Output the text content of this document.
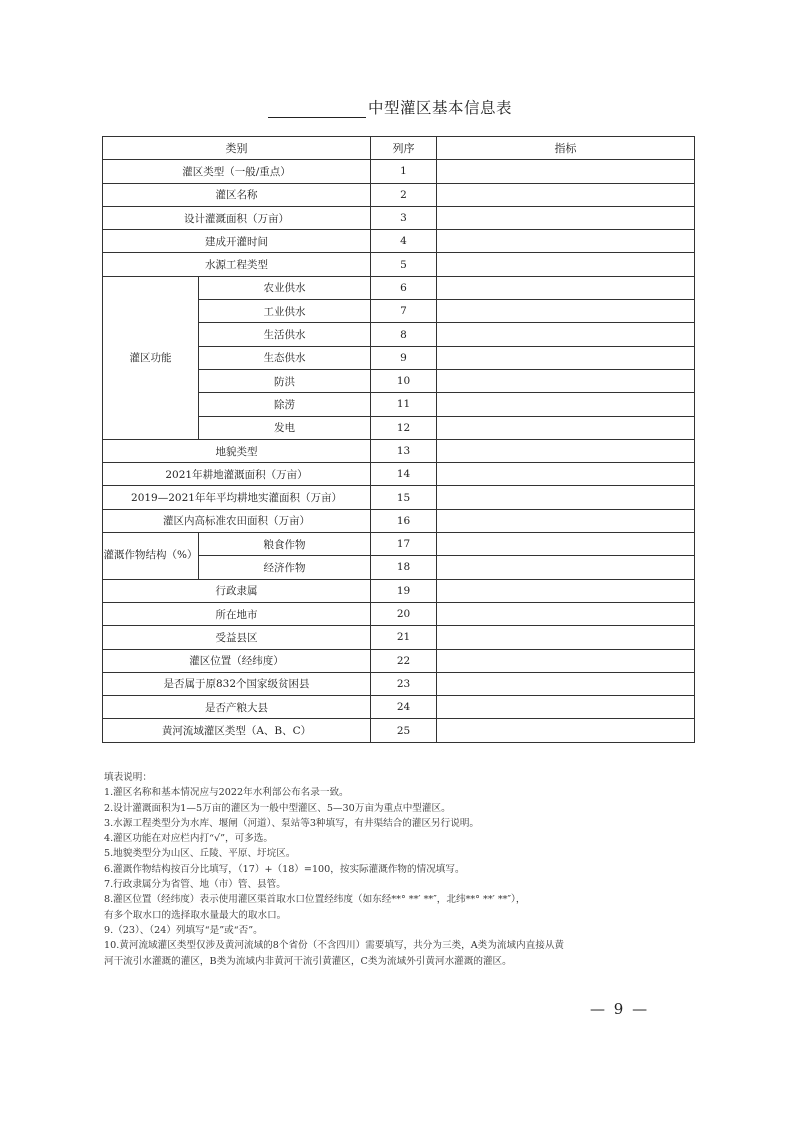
中型灌区基本信息表
类别		列序	指标
灌区类型（一般/重点）		1	
灌区名称		2	
设计灌溉面积（万亩）		3	
建成开灌时间		4	
水源工程类型		5	
灌区功能	农业供水	6	
	工业供水	7	
	生活供水	8	
	生态供水	9	
	防洪	10	
	除涝	11	
	发电	12	
地貌类型		13	
2021年耕地灌溉面积（万亩）		14	
2019—2021年年平均耕地实灌面积（万亩）		15	
灌区内高标准农田面积（万亩）		16	
灌溉作物结构（%）	粮食作物	17	
	经济作物	18	
行政隶属		19	
所在地市		20	
受益县区		21	
灌区位置（经纬度）		22	
是否属于原832个国家级贫困县		23	
是否产粮大县		24	
黄河流域灌区类型（A、B、C）		25	
填表说明：
1.灌区名称和基本情况应与2022年水利部公布名录一致。
2.设计灌溉面积为1—5万亩的灌区为一般中型灌区、5—30万亩为重点中型灌区。
3.水源工程类型分为水库、堰闸（河道）、泵站等3种填写，有井渠结合的灌区另行说明。
4.灌区功能在对应栏内打“√”，可多选。
5.地貌类型分为山区、丘陵、平原、圩垸区。
6.灌溉作物结构按百分比填写，（17）+（18）=100，按实际灌溉作物的情况填写。
7.行政隶属分为省管、地（市）管、县管。
8.灌区位置（经纬度）表示使用灌区渠首取水口位置经纬度（如东经**° **′ **″，北纬**° **′ **″），
有多个取水口的选择取水量最大的取水口。
9.（23）、（24）列填写“是”或“否”。
10.黄河流域灌区类型仅涉及黄河流域的8个省份（不含四川）需要填写，共分为三类，A类为流域内直接从黄
河干流引水灌溉的灌区，B类为流域内非黄河干流引黄灌区，C类为流域外引黄河水灌溉的灌区。
— 9 —
